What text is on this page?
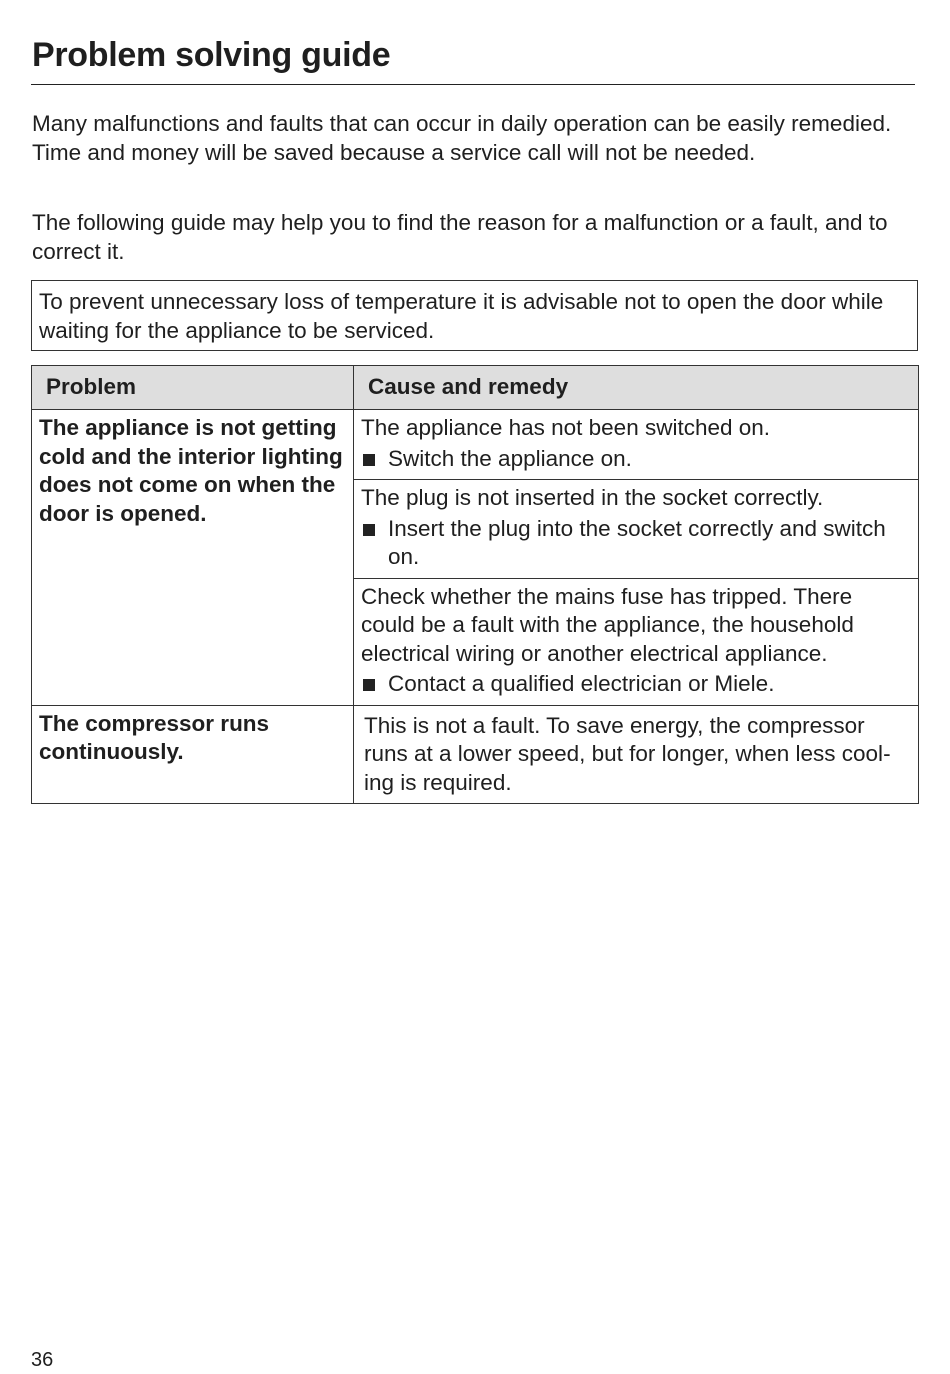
Problem solving guide

Many malfunctions and faults that can occur in daily operation can be easily remedied. Time and money will be saved because a service call will not be needed.

The following guide may help you to find the reason for a malfunction or a fault, and to correct it.

To prevent unnecessary loss of temperature it is advisable not to open the door while waiting for the appliance to be serviced.
Problem	Cause and remedy
The appliance is not getting cold and the interior lighting does not come on when the door is opened.	The appliance has not been switched on.
Switch the appliance on.

	The plug is not inserted in the socket correctly.
Insert the plug into the socket correctly and switch on.

	Check whether the mains fuse has tripped. There could be a fault with the appliance, the household electrical wiring or another electrical appliance.
Contact a qualified electrician or Miele.

The compressor runs continuously.	This is not a fault. To save energy, the compressor runs at a lower speed, but for longer, when less cooling is required.
36
